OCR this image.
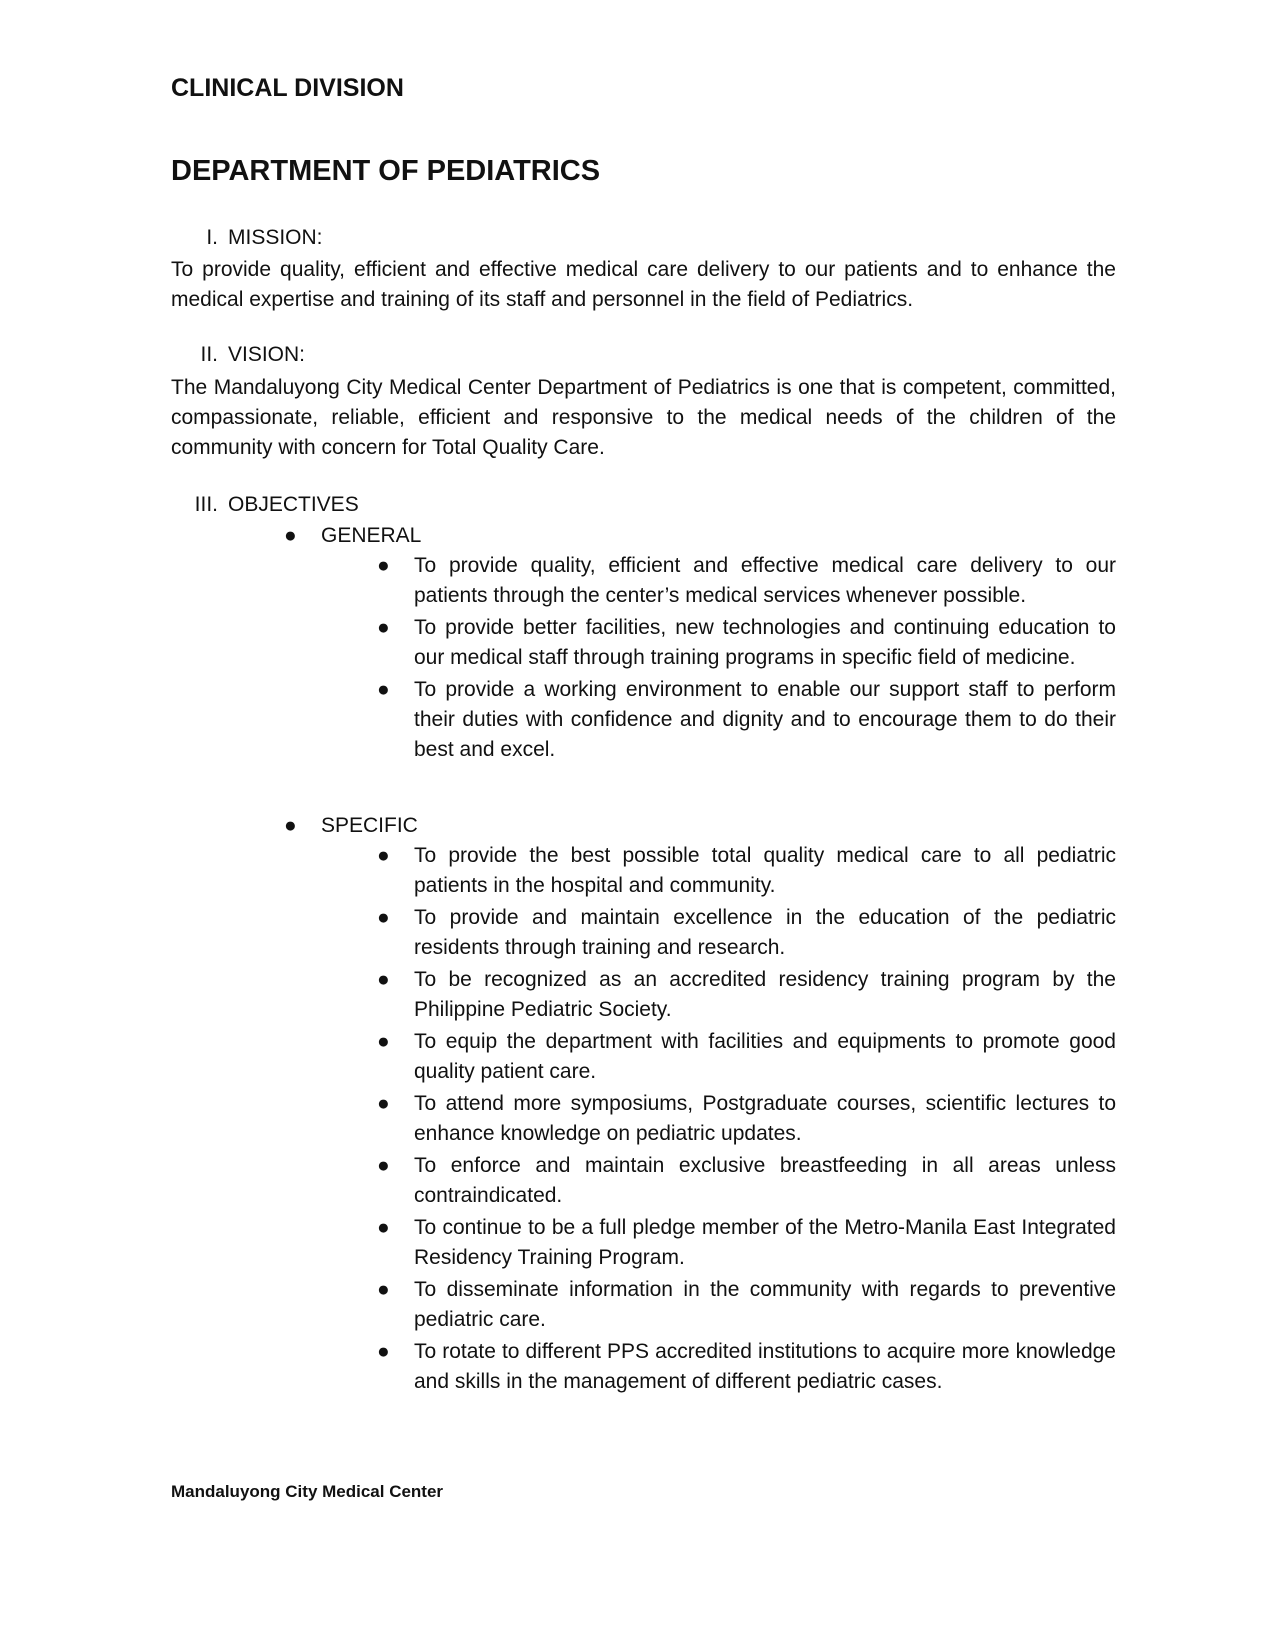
CLINICAL DIVISION
DEPARTMENT OF PEDIATRICS
I. MISSION:

To provide quality, efficient and effective medical care delivery to our patients and to enhance the medical expertise and training of its staff and personnel in the field of Pediatrics.

II. VISION:

The Mandaluyong City Medical Center Department of Pediatrics is one that is competent, committed, compassionate, reliable, efficient and responsive to the medical needs of the children of the community with concern for Total Quality Care.

III. OBJECTIVES
● GENERAL
● To provide quality, efficient and effective medical care delivery to our patients through the center’s medical services whenever possible.
● To provide better facilities, new technologies and continuing education to our medical staff through training programs in specific field of medicine.
● To provide a working environment to enable our support staff to perform their duties with confidence and dignity and to encourage them to do their best and excel.
● SPECIFIC
● To provide the best possible total quality medical care to all pediatric patients in the hospital and community.
● To provide and maintain excellence in the education of the pediatric residents through training and research.
● To be recognized as an accredited residency training program by the Philippine Pediatric Society.
● To equip the department with facilities and equipments to promote good quality patient care.
● To attend more symposiums, Postgraduate courses, scientific lectures to enhance knowledge on pediatric updates.
● To enforce and maintain exclusive breastfeeding in all areas unless contraindicated.
● To continue to be a full pledge member of the Metro-Manila East Integrated Residency Training Program.
● To disseminate information in the community with regards to preventive pediatric care.
● To rotate to different PPS accredited institutions to acquire more knowledge and skills in the management of different pediatric cases.
Mandaluyong City Medical Center
